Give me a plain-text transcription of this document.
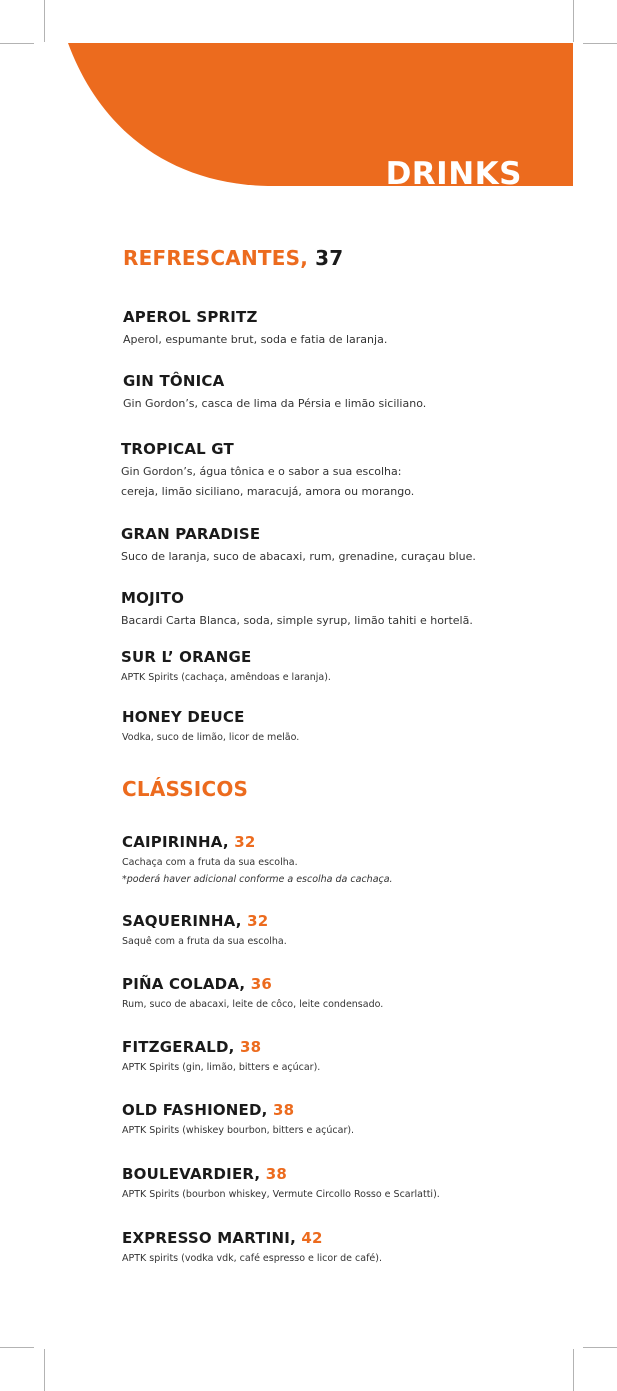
DRINKS
REFRESCANTES, 37

APEROL SPRITZ

Aperol, espumante brut, soda e fatia de laranja.

GIN TÔNICA

Gin Gordon’s, casca de lima da Pérsia e limão siciliano.

TROPICAL GT

Gin Gordon’s, água tônica e o sabor a sua escolha:

cereja, limão siciliano, maracujá, amora ou morango.

GRAN PARADISE

Suco de laranja, suco de abacaxi, rum, grenadine, curaçau blue.

MOJITO

Bacardi Carta Blanca, soda, simple syrup, limão tahiti e hortelã.

SUR L’ ORANGE

APTK Spirits (cachaça, amêndoas e laranja).

HONEY DEUCE

Vodka, suco de limão, licor de melão.

CLÁSSICOS

CAIPIRINHA, 32

Cachaça com a fruta da sua escolha.

*poderá haver adicional conforme a escolha da cachaça.

SAQUERINHA, 32

Saquê com a fruta da sua escolha.

PIÑA COLADA, 36

Rum, suco de abacaxi, leite de côco, leite condensado.

FITZGERALD, 38

APTK Spirits (gin, limão, bitters e açúcar).

OLD FASHIONED, 38

APTK Spirits (whiskey bourbon, bitters e açúcar).

BOULEVARDIER, 38

APTK Spirits (bourbon whiskey, Vermute Circollo Rosso e Scarlatti).

EXPRESSO MARTINI, 42

APTK spirits (vodka vdk, café espresso e licor de café).
